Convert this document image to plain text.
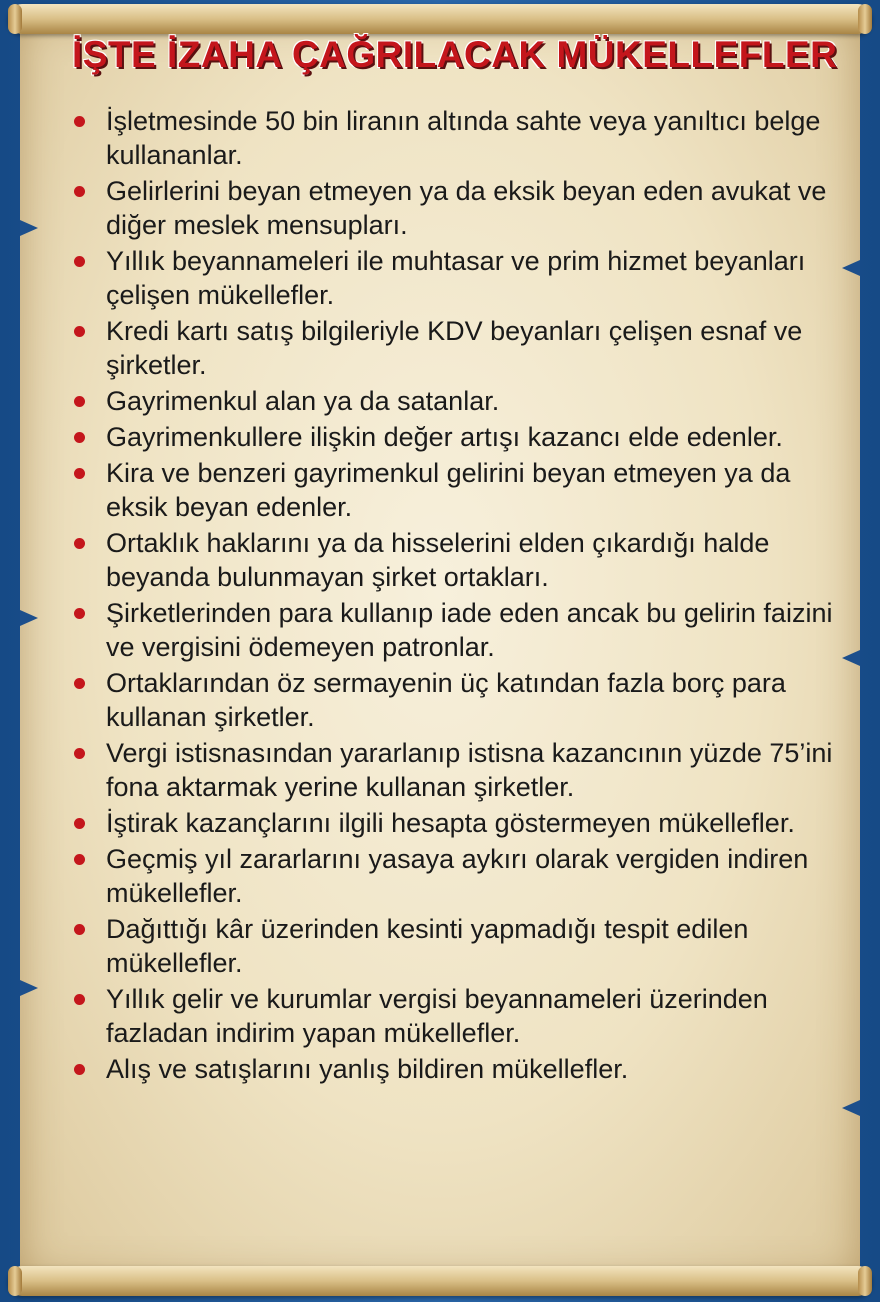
İŞTE İZAHA ÇAĞRILACAK MÜKELLEFLER
İşletmesinde 50 bin liranın altında sahte veya yanıltıcı belge kullananlar.
Gelirlerini beyan etmeyen ya da eksik beyan eden avukat ve diğer meslek mensupları.
Yıllık beyannameleri ile muhtasar ve prim hizmet beyanları çelişen mükellefler.
Kredi kartı satış bilgileriyle KDV beyanları çelişen esnaf ve şirketler.
Gayrimenkul alan ya da satanlar.
Gayrimenkullere ilişkin değer artışı kazancı elde edenler.
Kira ve benzeri gayrimenkul gelirini beyan etmeyen ya da eksik beyan edenler.
Ortaklık haklarını ya da hisselerini elden çıkardığı halde beyanda bulunmayan şirket ortakları.
Şirketlerinden para kullanıp iade eden ancak bu gelirin faizini ve vergisini ödemeyen patronlar.
Ortaklarından öz sermayenin üç katından fazla borç para kullanan şirketler.
Vergi istisnasından yararlanıp istisna kazancının yüzde 75’ini fona aktarmak yerine kullanan şirketler.
İştirak kazançlarını ilgili hesapta göstermeyen mükellefler.
Geçmiş yıl zararlarını yasaya aykırı olarak vergiden indiren mükellefler.
Dağıttığı kâr üzerinden kesinti yapmadığı tespit edilen mükellefler.
Yıllık gelir ve kurumlar vergisi beyannameleri üzerinden fazladan indirim yapan mükellefler.
Alış ve satışlarını yanlış bildiren mükellefler.
